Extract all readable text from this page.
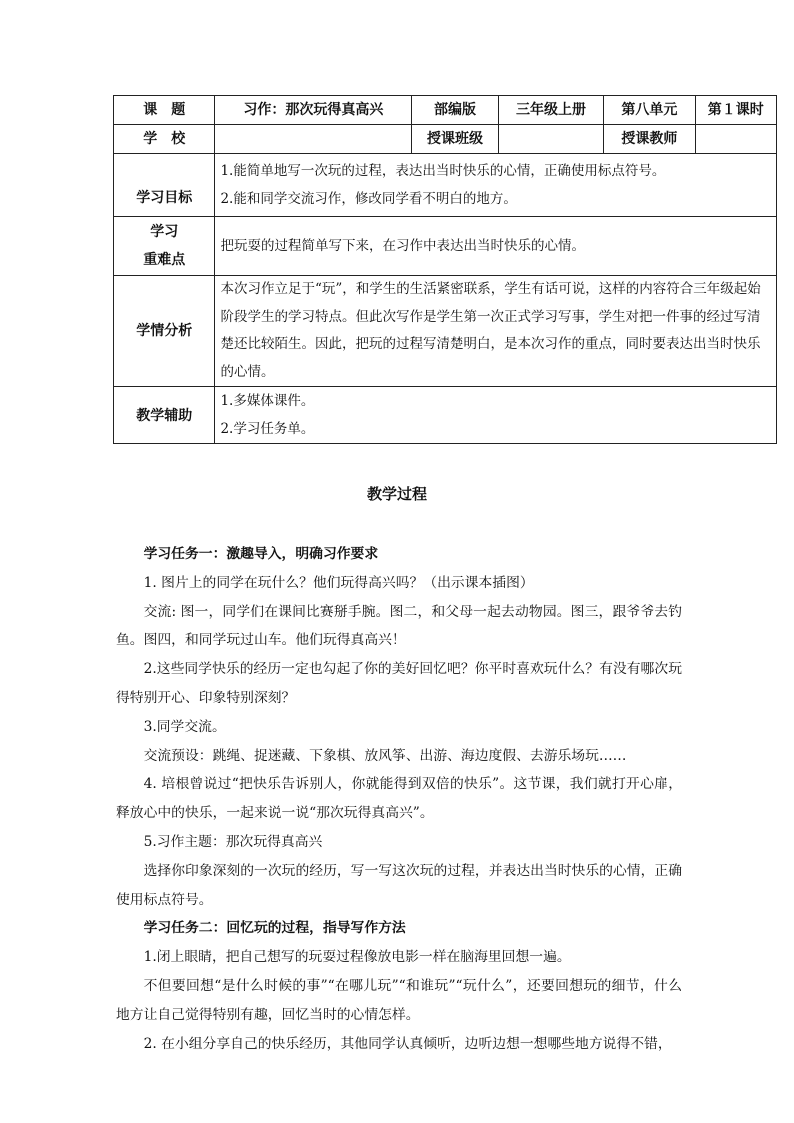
课　题	习作：那次玩得真高兴	部编版	三年级上册	第八单元	第１课时
学　校		授课班级		授课教师	
学习目标	1.能简单地写一次玩的过程，表达出当时快乐的心情，正确使用标点符号。

2.能和同学交流习作，修改同学看不明白的地方。				

学习
重难点	把玩耍的过程简单写下来，在习作中表达出当时快乐的心情。				
学情分析	本次习作立足于“玩”，和学生的生活紧密联系，学生有话可说，这样的内容符合三年级起始阶段学生的学习特点。但此次写作是学生第一次正式学习写事，学生对把一件事的经过写清楚还比较陌生。因此，把玩的过程写清楚明白，是本次习作的重点，同时要表达出当时快乐的心情。				
教学辅助	1.多媒体课件。

2.学习任务单。				

教学过程

学习任务一：激趣导入，明确习作要求

1. 图片上的同学在玩什么？他们玩得高兴吗？（出示课本插图）

交流: 图一，同学们在课间比赛掰手腕。图二，和父母一起去动物园。图三，跟爷爷去钓鱼。图四，和同学玩过山车。他们玩得真高兴！

2.这些同学快乐的经历一定也勾起了你的美好回忆吧？你平时喜欢玩什么？有没有哪次玩得特别开心、印象特别深刻？

3.同学交流。

交流预设：跳绳、捉迷藏、下象棋、放风筝、出游、海边度假、去游乐场玩……

4. 培根曾说过“把快乐告诉别人，你就能得到双倍的快乐”。这节课，我们就打开心扉，释放心中的快乐，一起来说一说“那次玩得真高兴”。

5.习作主题：那次玩得真高兴

选择你印象深刻的一次玩的经历，写一写这次玩的过程，并表达出当时快乐的心情，正确使用标点符号。

学习任务二：回忆玩的过程，指导写作方法

1.闭上眼睛，把自己想写的玩耍过程像放电影一样在脑海里回想一遍。

不但要回想“是什么时候的事”“在哪儿玩”“和谁玩”“玩什么”，还要回想玩的细节，什么地方让自己觉得特别有趣，回忆当时的心情怎样。

2. 在小组分享自己的快乐经历，其他同学认真倾听，边听边想一想哪些地方说得不错，
